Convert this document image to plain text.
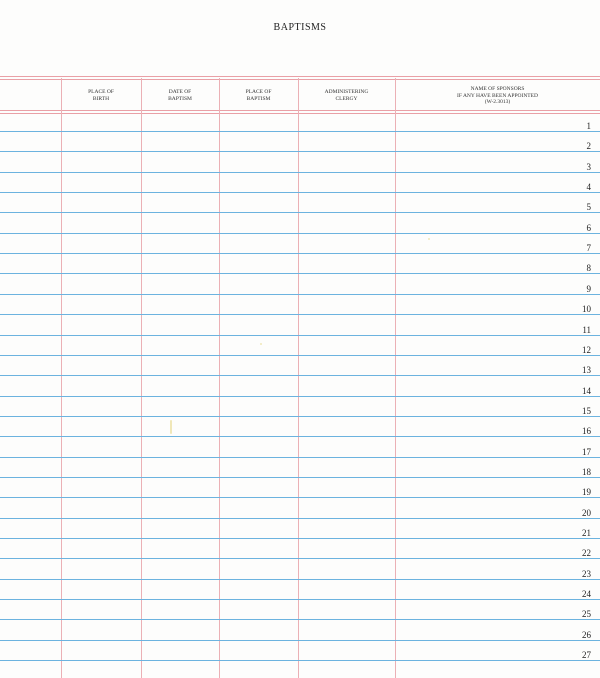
BAPTISMS
PLACE OF
BIRTH
DATE OF
BAPTISM
PLACE OF
BAPTISM
ADMINISTERING
CLERGY
NAME OF SPONSORS
IF ANY HAVE BEEN APPOINTED
(W-2.3013)
1
2
3
4
5
6
7
8
9
10
11
12
13
14
15
16
17
18
19
20
21
22
23
24
25
26
27
